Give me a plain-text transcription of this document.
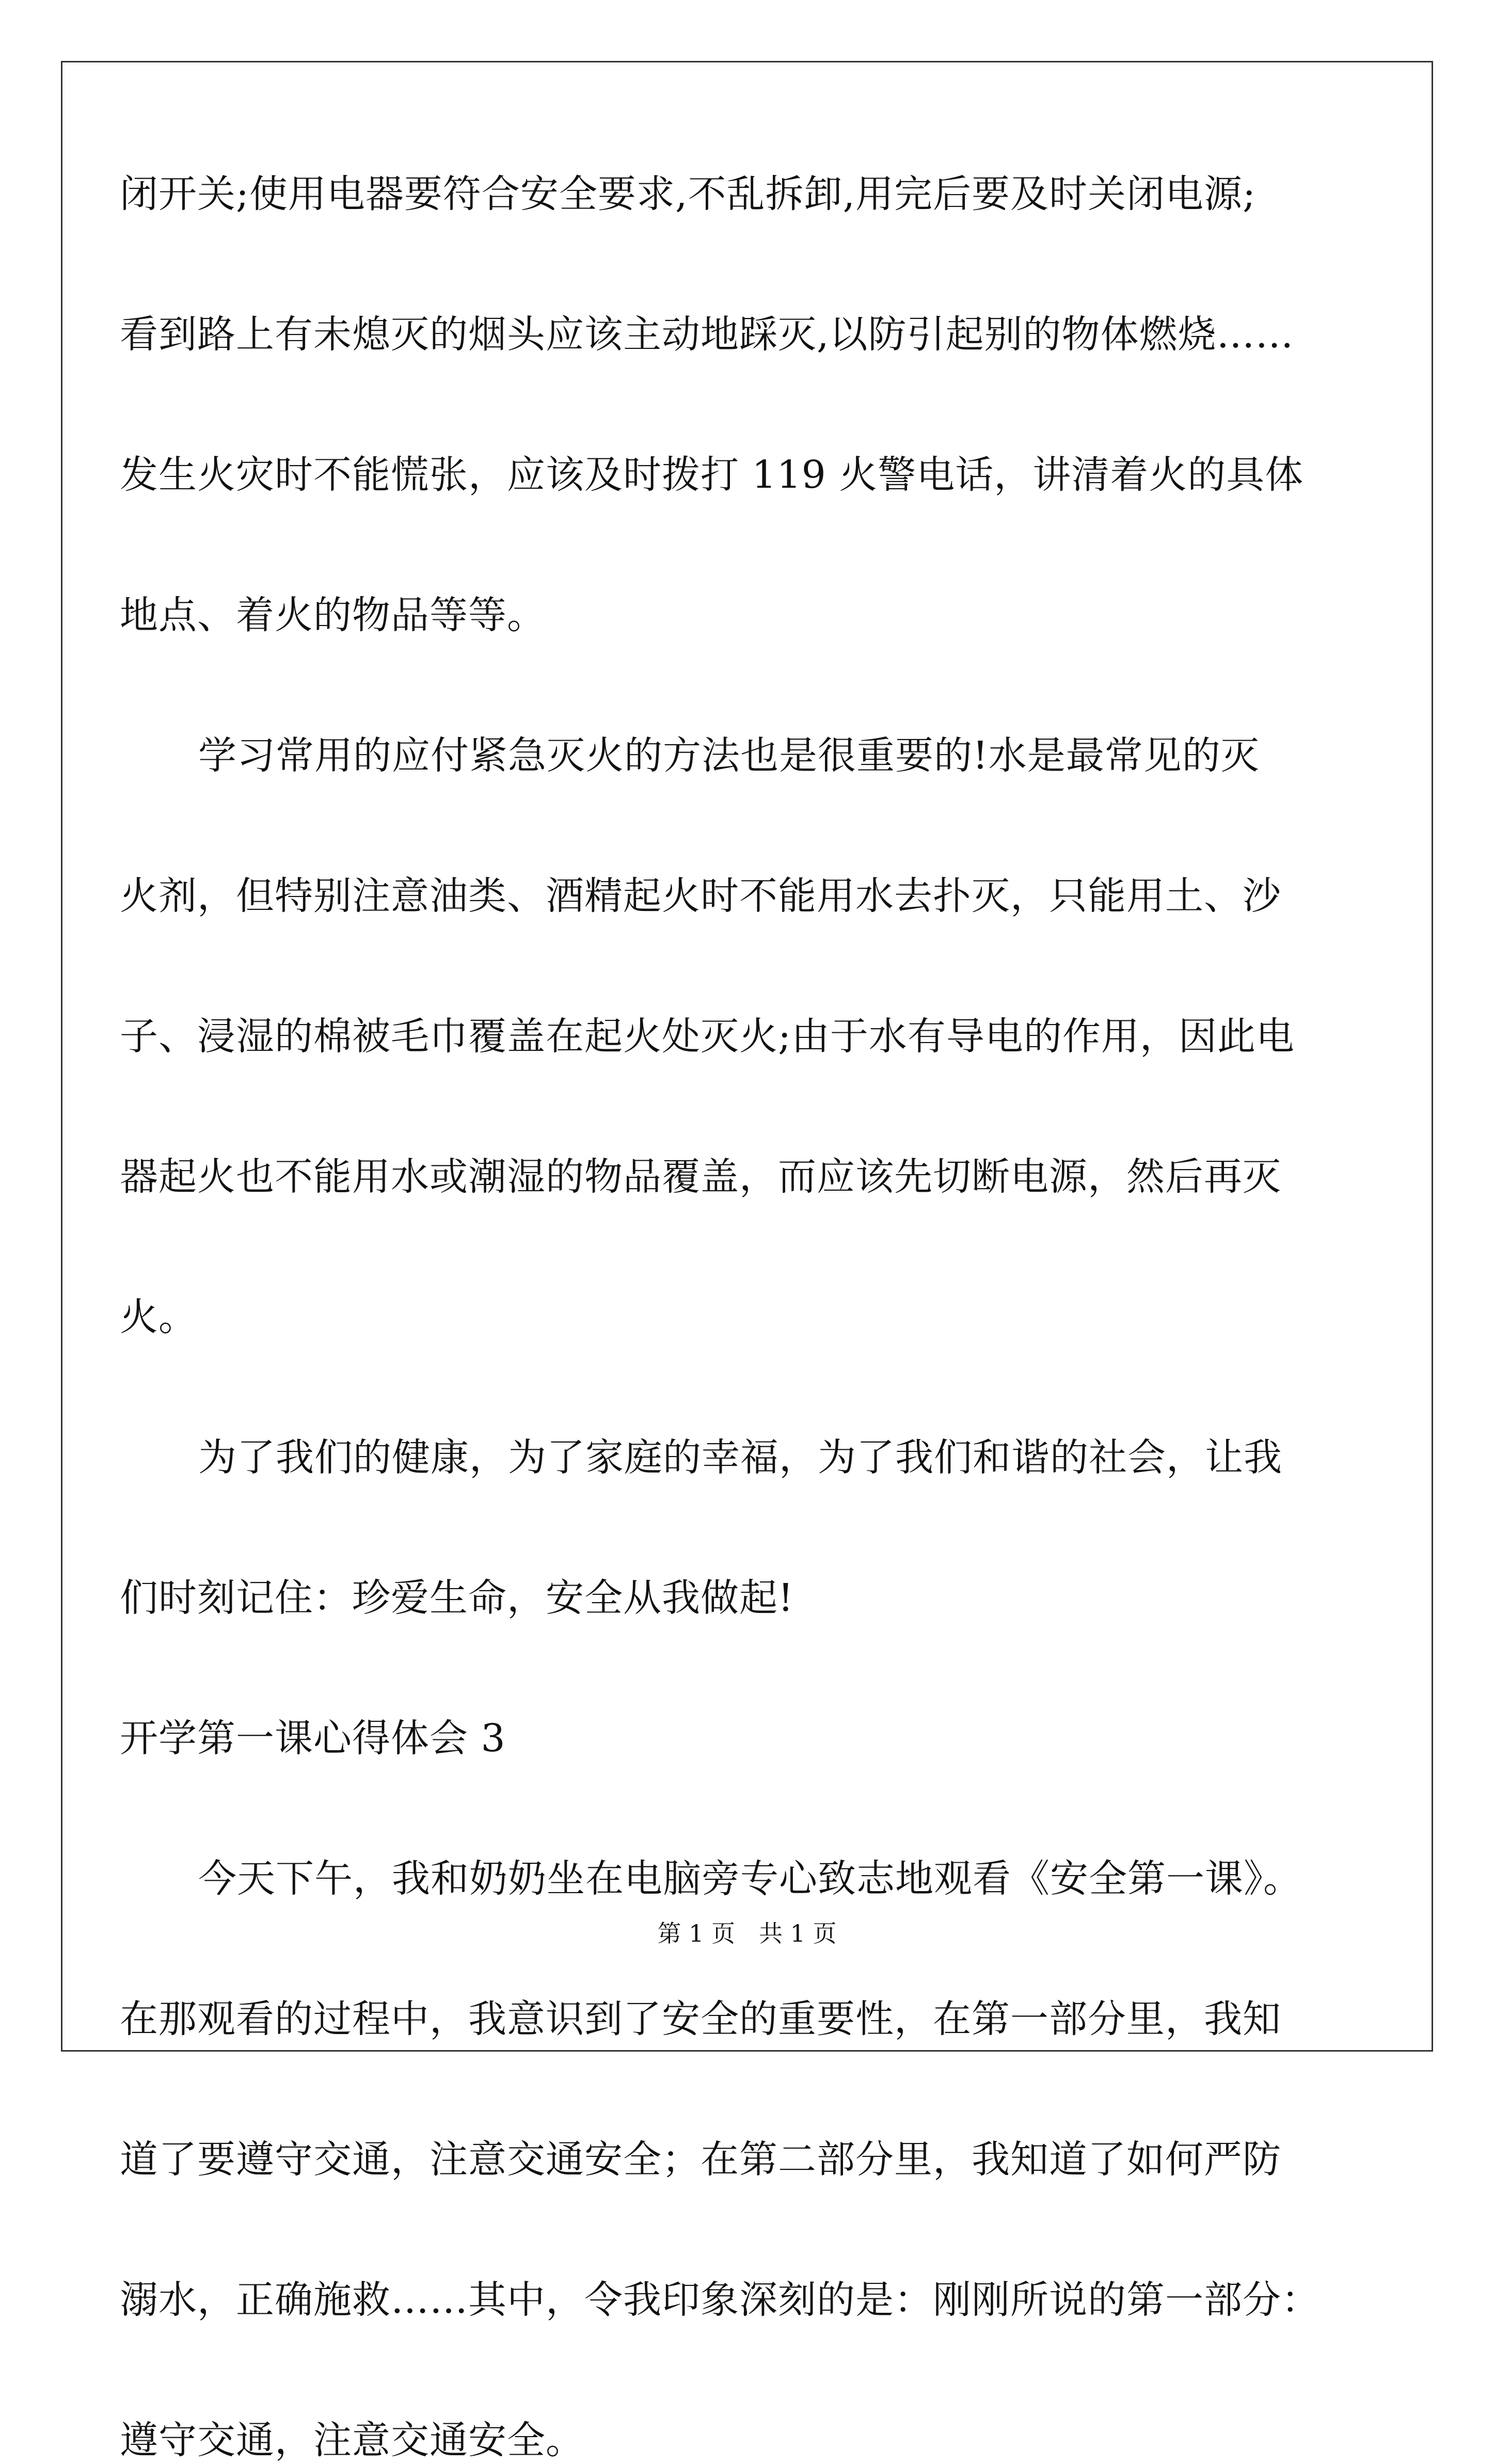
闭开关;使用电器要符合安全要求,不乱拆卸,用完后要及时关闭电源;

看到路上有未熄灭的烟头应该主动地踩灭,以防引起别的物体燃烧……

发生火灾时不能慌张，应该及时拨打 119 火警电话，讲清着火的具体

地点、着火的物品等等。

学习常用的应付紧急灭火的方法也是很重要的!水是最常见的灭

火剂，但特别注意油类、酒精起火时不能用水去扑灭，只能用土、沙

子、浸湿的棉被毛巾覆盖在起火处灭火;由于水有导电的作用，因此电

器起火也不能用水或潮湿的物品覆盖，而应该先切断电源，然后再灭

火。

为了我们的健康，为了家庭的幸福，为了我们和谐的社会，让我

们时刻记住：珍爱生命，安全从我做起!

开学第一课心得体会 3

今天下午，我和奶奶坐在电脑旁专心致志地观看《安全第一课》。

在那观看的过程中，我意识到了安全的重要性，在第一部分里，我知

道了要遵守交通，注意交通安全；在第二部分里，我知道了如何严防

溺水，正确施救……其中，令我印象深刻的是：刚刚所说的第一部分：

遵守交通，注意交通安全。

第 1 页　共 1 页
